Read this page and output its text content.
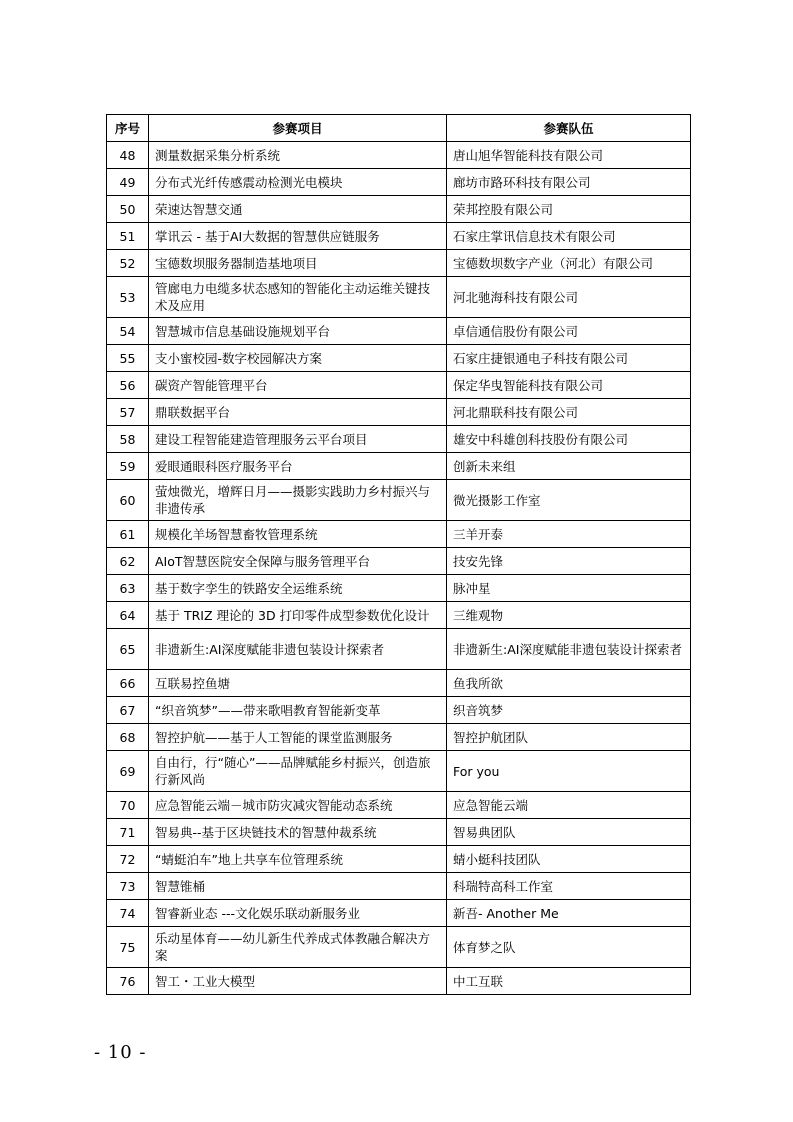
序号	参赛项目	参赛队伍
48	测量数据采集分析系统	唐山旭华智能科技有限公司
49	分布式光纤传感震动检测光电模块	廊坊市路环科技有限公司
50	荣速达智慧交通	荣邦控股有限公司
51	掌讯云 - 基于AI大数据的智慧供应链服务	石家庄掌讯信息技术有限公司
52	宝德数坝服务器制造基地项目	宝德数坝数字产业（河北）有限公司
53	管廊电力电缆多状态感知的智能化主动运维关键技术及应用	河北驰海科技有限公司
54	智慧城市信息基础设施规划平台	卓信通信股份有限公司
55	支小蜜校园-数字校园解决方案	石家庄捷银通电子科技有限公司
56	碳资产智能管理平台	保定华曳智能科技有限公司
57	鼎联数据平台	河北鼎联科技有限公司
58	建设工程智能建造管理服务云平台项目	雄安中科雄创科技股份有限公司
59	爱眼通眼科医疗服务平台	创新未来组
60	萤烛微光，增辉日月——摄影实践助力乡村振兴与非遗传承	微光摄影工作室
61	规模化羊场智慧畜牧管理系统	三羊开泰
62	AIoT智慧医院安全保障与服务管理平台	技安先锋
63	基于数字孪生的铁路安全运维系统	脉冲星
64	基于 TRIZ 理论的 3D 打印零件成型参数优化设计	三维观物
65	非遗新生:AI深度赋能非遗包装设计探索者	非遗新生:AI深度赋能非遗包装设计探索者
66	互联易控鱼塘	鱼我所欲
67	“织音筑梦”——带来歌唱教育智能新变革	织音筑梦
68	智控护航——基于人工智能的课堂监测服务	智控护航团队
69	自由行，行“随心”——品牌赋能乡村振兴，创造旅行新风尚	For you
70	应急智能云端－城市防灾减灾智能动态系统	应急智能云端
71	智易典--基于区块链技术的智慧仲裁系统	智易典团队
72	“蜻蜓泊车”地上共享车位管理系统	蜻小蜓科技团队
73	智慧锥桶	科瑞特高科工作室
74	智睿新业态 ---文化娱乐联动新服务业	新吾- Another Me
75	乐动星体育——幼儿新生代养成式体教融合解决方案	体育梦之队
76	智工・工业大模型	中工互联
- 10 -
